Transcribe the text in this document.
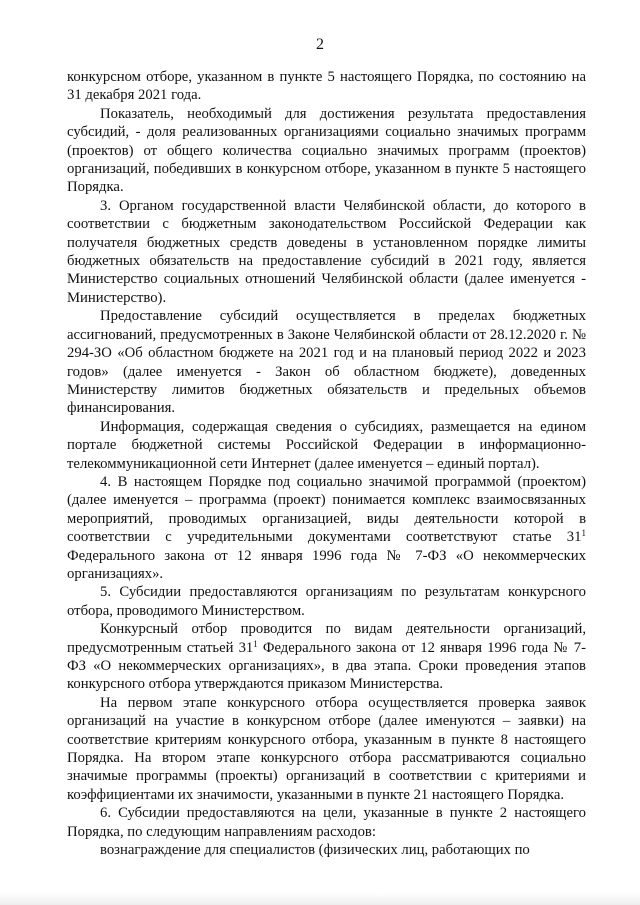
2

конкурсном отборе, указанном в пункте 5 настоящего Порядка, по состоянию на 31 декабря 2021 года.

Показатель, необходимый для достижения результата предоставления субсидий, - доля реализованных организациями социально значимых программ (проектов) от общего количества социально значимых программ (проектов) организаций, победивших в конкурсном отборе, указанном в пункте 5 настоящего Порядка.

3. Органом государственной власти Челябинской области, до которого в соответствии с бюджетным законодательством Российской Федерации как получателя бюджетных средств доведены в установленном порядке лимиты бюджетных обязательств на предоставление субсидий в 2021 году, является Министерство социальных отношений Челябинской области (далее именуется - Министерство).

Предоставление субсидий осуществляется в пределах бюджетных ассигнований, предусмотренных в Законе Челябинской области от 28.12.2020 г. № 294-ЗО «Об областном бюджете на 2021 год и на плановый период 2022 и 2023 годов» (далее именуется - Закон об областном бюджете), доведенных Министерству лимитов бюджетных обязательств и предельных объемов финансирования.

Информация, содержащая сведения о субсидиях, размещается на едином портале бюджетной системы Российской Федерации в информационно-телекоммуникационной сети Интернет (далее именуется – единый портал).

4. В настоящем Порядке под социально значимой программой (проектом) (далее именуется – программа (проект) понимается комплекс взаимосвязанных мероприятий, проводимых организацией, виды деятельности которой в соответствии с учредительными документами соответствуют статье $31^1$ Федерального закона от 12 января 1996 года № 7-ФЗ «О некоммерческих организациях».

5. Субсидии предоставляются организациям по результатам конкурсного отбора, проводимого Министерством.

Конкурсный отбор проводится по видам деятельности организаций, предусмотренным статьей $31^1$ Федерального закона от 12 января 1996 года № 7-ФЗ «О некоммерческих организациях», в два этапа. Сроки проведения этапов конкурсного отбора утверждаются приказом Министерства.

На первом этапе конкурсного отбора осуществляется проверка заявок организаций на участие в конкурсном отборе (далее именуются – заявки) на соответствие критериям конкурсного отбора, указанным в пункте 8 настоящего Порядка. На втором этапе конкурсного отбора рассматриваются социально значимые программы (проекты) организаций в соответствии с критериями и коэффициентами их значимости, указанными в пункте 21 настоящего Порядка.

6. Субсидии предоставляются на цели, указанные в пункте 2 настоящего Порядка, по следующим направлениям расходов:

вознаграждение для специалистов (физических лиц, работающих по
